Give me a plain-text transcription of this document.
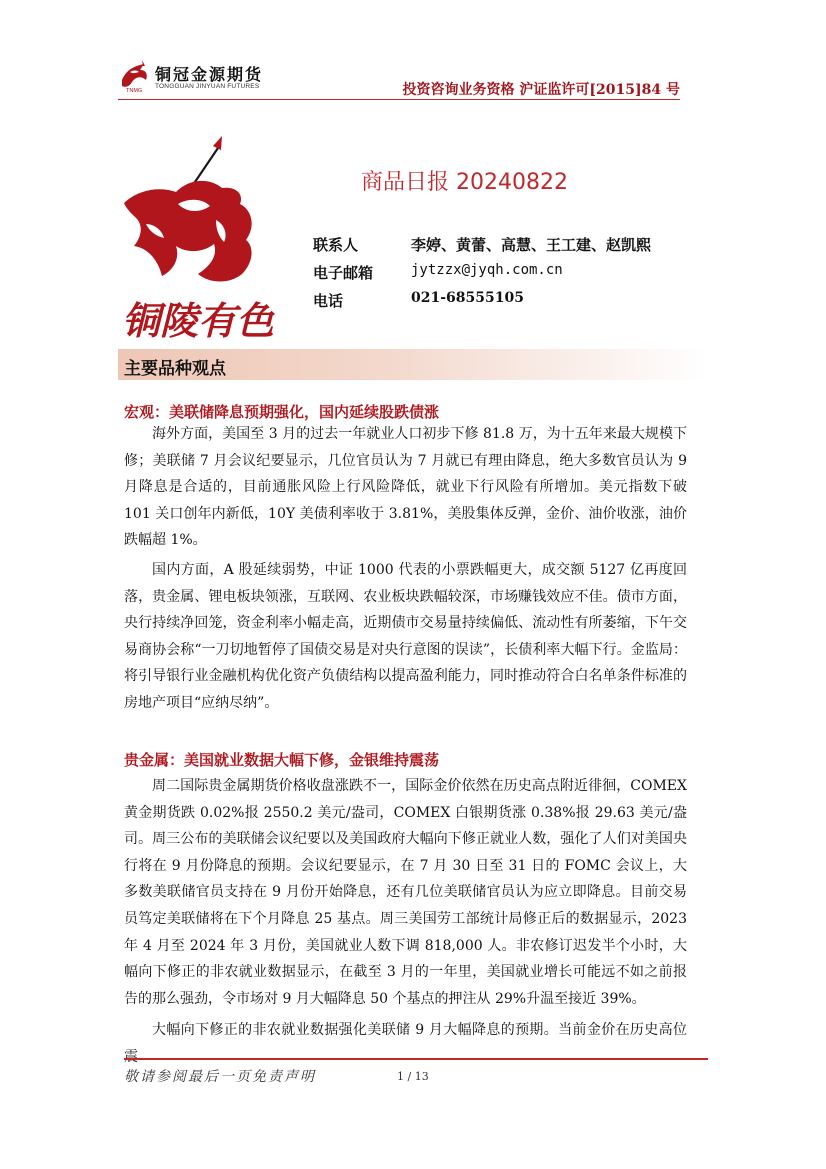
铜冠金源期货
TONGGUAN JINYUAN FUTURES
TNMG	投资咨询业务资格 沪证监许可[2015]84 号
铜陵有色
商品日报 20240822
联系人	李婷、黄蕾、高慧、王工建、赵凯熙
电子邮箱	jytzzx@jyqh.com.cn
电话	021-68555105
主要品种观点
宏观：美联储降息预期强化，国内延续股跌债涨

海外方面，美国至 3 月的过去一年就业人口初步下修 81.8 万，为十五年来最大规模下修；美联储 7 月会议纪要显示，几位官员认为 7 月就已有理由降息，绝大多数官员认为 9 月降息是合适的，目前通胀风险上行风险降低，就业下行风险有所增加。美元指数下破 101 关口创年内新低，10Y 美债利率收于 3.81%，美股集体反弹，金价、油价收涨，油价跌幅超 1%。

国内方面，A 股延续弱势，中证 1000 代表的小票跌幅更大，成交额 5127 亿再度回落，贵金属、锂电板块领涨，互联网、农业板块跌幅较深，市场赚钱效应不佳。债市方面，央行持续净回笼，资金利率小幅走高，近期债市交易量持续偏低、流动性有所萎缩，下午交易商协会称“一刀切地暂停了国债交易是对央行意图的误读”，长债利率大幅下行。金监局：将引导银行业金融机构优化资产负债结构以提高盈利能力，同时推动符合白名单条件标准的房地产项目“应纳尽纳”。

贵金属：美国就业数据大幅下修，金银维持震荡

周二国际贵金属期货价格收盘涨跌不一，国际金价依然在历史高点附近徘徊，COMEX 黄金期货跌 0.02%报 2550.2 美元/盎司，COMEX 白银期货涨 0.38%报 29.63 美元/盎司。周三公布的美联储会议纪要以及美国政府大幅向下修正就业人数，强化了人们对美国央行将在 9 月份降息的预期。会议纪要显示，在 7 月 30 日至 31 日的 FOMC 会议上，大多数美联储官员支持在 9 月份开始降息，还有几位美联储官员认为应立即降息。目前交易员笃定美联储将在下个月降息 25 基点。周三美国劳工部统计局修正后的数据显示，2023 年 4 月至 2024 年 3 月份，美国就业人数下调 818,000 人。非农修订迟发半个小时，大幅向下修正的非农就业数据显示，在截至 3 月的一年里，美国就业增长可能远不如之前报告的那么强劲，令市场对 9 月大幅降息 50 个基点的押注从 29%升温至接近 39%。

大幅向下修正的非农就业数据强化美联储 9 月大幅降息的预期。当前金价在历史高位震

敬请参阅最后一页免责声明	1 / 13
